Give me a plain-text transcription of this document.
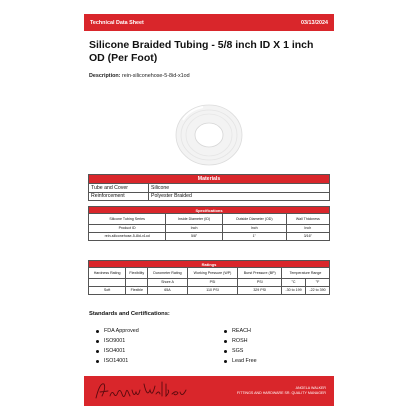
Technical Data Sheet	03/13/2024
Silicone Braided Tubing - 5/8 inch ID X 1 inch OD (Per Foot)
Description: rein-siliconehose-5-8id-x1od
Materials	
Tube and Cover	Silicone
Reinforcement	Polyester Braided
Specifications			
Silicone Tubing Series	Inside Diameter (ID)	Outside Diameter (OD)	Wall Thickness
Product ID	Inch	Inch	Inch
rein-siliconehose-5-8id-x1od	5/8"	1"	3/16"
Ratings						
Hardness Rating	Flexibility	Durometer Rating	Working Pressure (WP)	Burst Pressure (BP)	Temperature Range	
		Shore A	PSI	PSI	°C	°F
Soft	Flexible	65A	110 PSI	329 PSI	-30 to 199	-22 to 390
Standards and Certifications:
FDA Approved
ISO9001
ISO4001
ISO14001
REACH
ROSH
SGS
Lead Free
ANGELA WALKER
FITTINGS AND HARDWARE SR. QUALITY MANAGER
